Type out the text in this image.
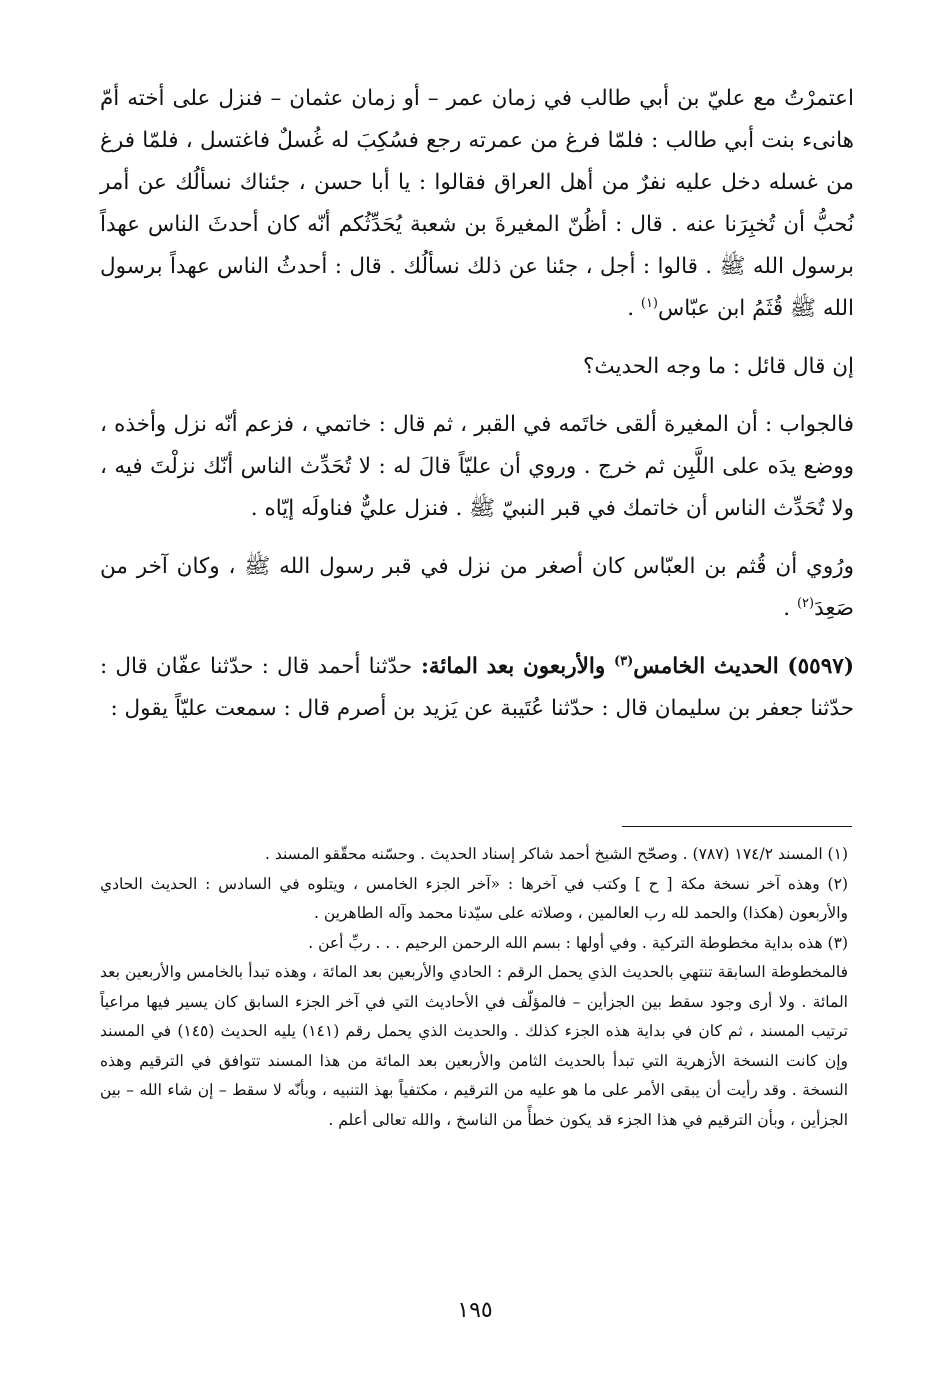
اعتمرْتُ مع عليّ بن أبي طالب في زمان عمر – أو زمان عثمان – فنزل على أخته أمّ هانىء بنت أبي طالب : فلمّا فرغ من عمرته رجع فسُكِبَ له غُسلٌ فاغتسل ، فلمّا فرغ من غسله دخل عليه نفرٌ من أهل العراق فقالوا : يا أبا حسن ، جئناك نسألُك عن أمر نُحبُّ أن تُخبِرَنا عنه . قال : أظُنّ المغيرةَ بن شعبة يُحَدِّثُكم أنّه كان أحدثَ الناس عهداً برسول الله ﷺ . قالوا : أجل ، جئنا عن ذلك نسألُك . قال : أحدثُ الناس عهداً برسول الله ﷺ قُثَمُ ابن عبّاس$^{(١)}$ .
إن قال قائل : ما وجه الحديث؟
فالجواب : أن المغيرة ألقى خاتَمه في القبر ، ثم قال : خاتمي ، فزعم أنّه نزل وأخذه ، ووضع يدَه على اللَّبِن ثم خرج . وروي أن عليّاً قالَ له : لا تُحَدِّث الناس أنّك نزلْتَ فيه ، ولا تُحَدِّث الناس أن خاتمك في قبر النبيّ ﷺ . فنزل عليٌّ فناولَه إيّاه .
ورُوي أن قُثم بن العبّاس كان أصغر من نزل في قبر رسول الله ﷺ ، وكان آخر من صَعِدَ$^{(٢)}$ .
(٥٥٩٧) الحديث الخامس$^{(٣)}$ والأربعون بعد المائة: حدّثنا أحمد قال : حدّثنا عفّان قال : حدّثنا جعفر بن سليمان قال : حدّثنا عُتَيبة عن يَزيد بن أصرم قال : سمعت عليّاً يقول :

(١) المسند ١٧٤/٢ (٧٨٧) . وصحّح الشيخ أحمد شاكر إسناد الحديث . وحسّنه محقّقو المسند .

(٢) وهذه آخر نسخة مكة [ ح ] وكتب في آخرها : «آخر الجزء الخامس ، ويتلوه في السادس : الحديث الحادي والأربعون (هكذا) والحمد لله رب العالمين ، وصلاته على سيّدنا محمد وآله الطاهرين .

(٣) هذه بداية مخطوطة التركية . وفي أولها : بسم الله الرحمن الرحيم . . . ربِّ أعن .

فالمخطوطة السابقة تنتهي بالحديث الذي يحمل الرقم : الحادي والأربعين بعد المائة ، وهذه تبدأ بالخامس والأربعين بعد المائة . ولا أرى وجود سقط بين الجزأين – فالمؤلّف في الأحاديث التي في آخر الجزء السابق كان يسير فيها مراعياً ترتيب المسند ، ثم كان في بداية هذه الجزء كذلك . والحديث الذي يحمل رقم (١٤١) يليه الحديث (١٤٥) في المسند وإن كانت النسخة الأزهرية التي تبدأ بالحديث الثامن والأربعين بعد المائة من هذا المسند تتوافق في الترقيم وهذه النسخة . وقد رأيت أن يبقى الأمر على ما هو عليه من الترقيم ، مكتفياً بهذ التنبيه ، وبأنّه لا سقط – إن شاء الله – بين الجزأين ، وبأن الترقيم في هذا الجزء قد يكون خطأً من الناسخ ، والله تعالى أعلم .

١٩٥
